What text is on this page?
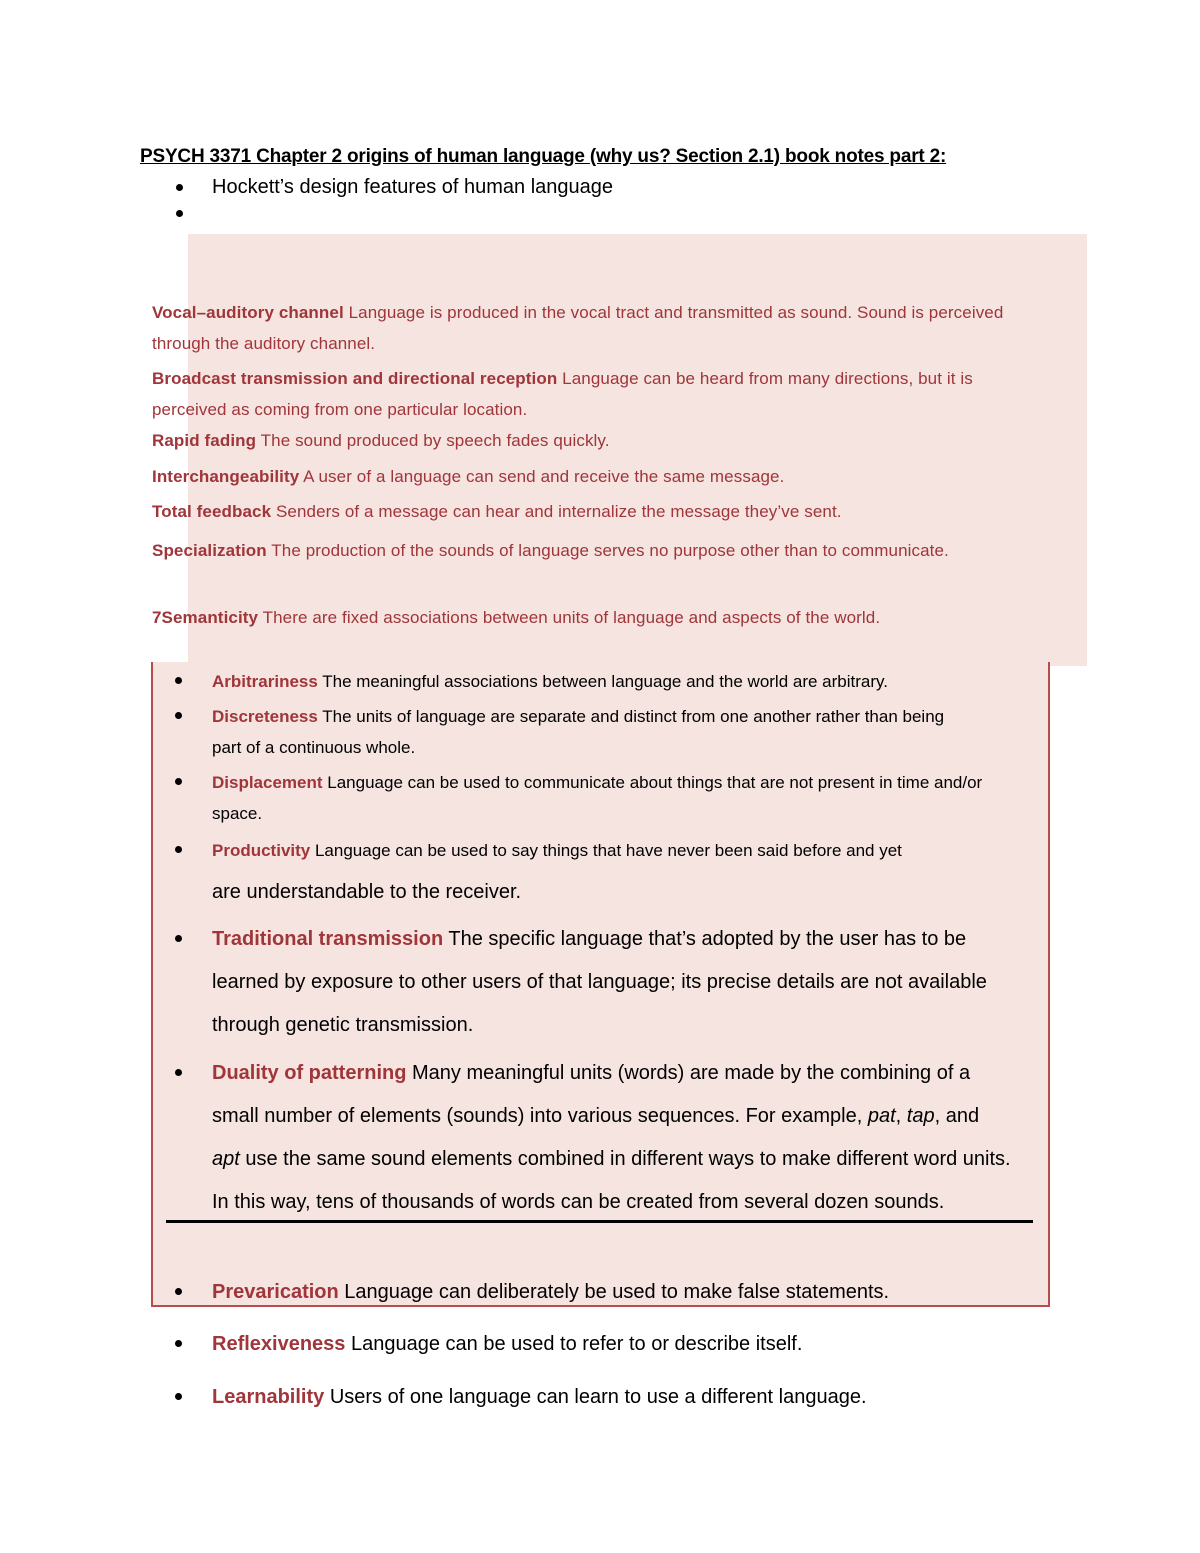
PSYCH 3371 Chapter 2 origins of human language (why us? Section 2.1) book notes part 2:
Hockett’s design features of human language
Vocal–auditory channel Language is produced in the vocal tract and transmitted as sound. Sound is perceived through the auditory channel.
Broadcast transmission and directional reception Language can be heard from many directions, but it is perceived as coming from one particular location.
Rapid fading The sound produced by speech fades quickly.
Interchangeability A user of a language can send and receive the same message.
Total feedback Senders of a message can hear and internalize the message they’ve sent.
Specialization The production of the sounds of language serves no purpose other than to communicate.
7Semanticity There are fixed associations between units of language and aspects of the world.
Arbitrariness The meaningful associations between language and the world are arbitrary.
Discreteness The units of language are separate and distinct from one another rather than being part of a continuous whole.
Displacement Language can be used to communicate about things that are not present in time and/or space.
Productivity Language can be used to say things that have never been said before and yet
are understandable to the receiver.
Traditional transmission The specific language that’s adopted by the user has to be learned by exposure to other users of that language; its precise details are not available through genetic transmission.
Duality of patterning Many meaningful units (words) are made by the combining of a small number of elements (sounds) into various sequences. For example, pat, tap, and apt use the same sound elements combined in different ways to make different word units. In this way, tens of thousands of words can be created from several dozen sounds.
Prevarication Language can deliberately be used to make false statements.
Reflexiveness Language can be used to refer to or describe itself.
Learnability Users of one language can learn to use a different language.
